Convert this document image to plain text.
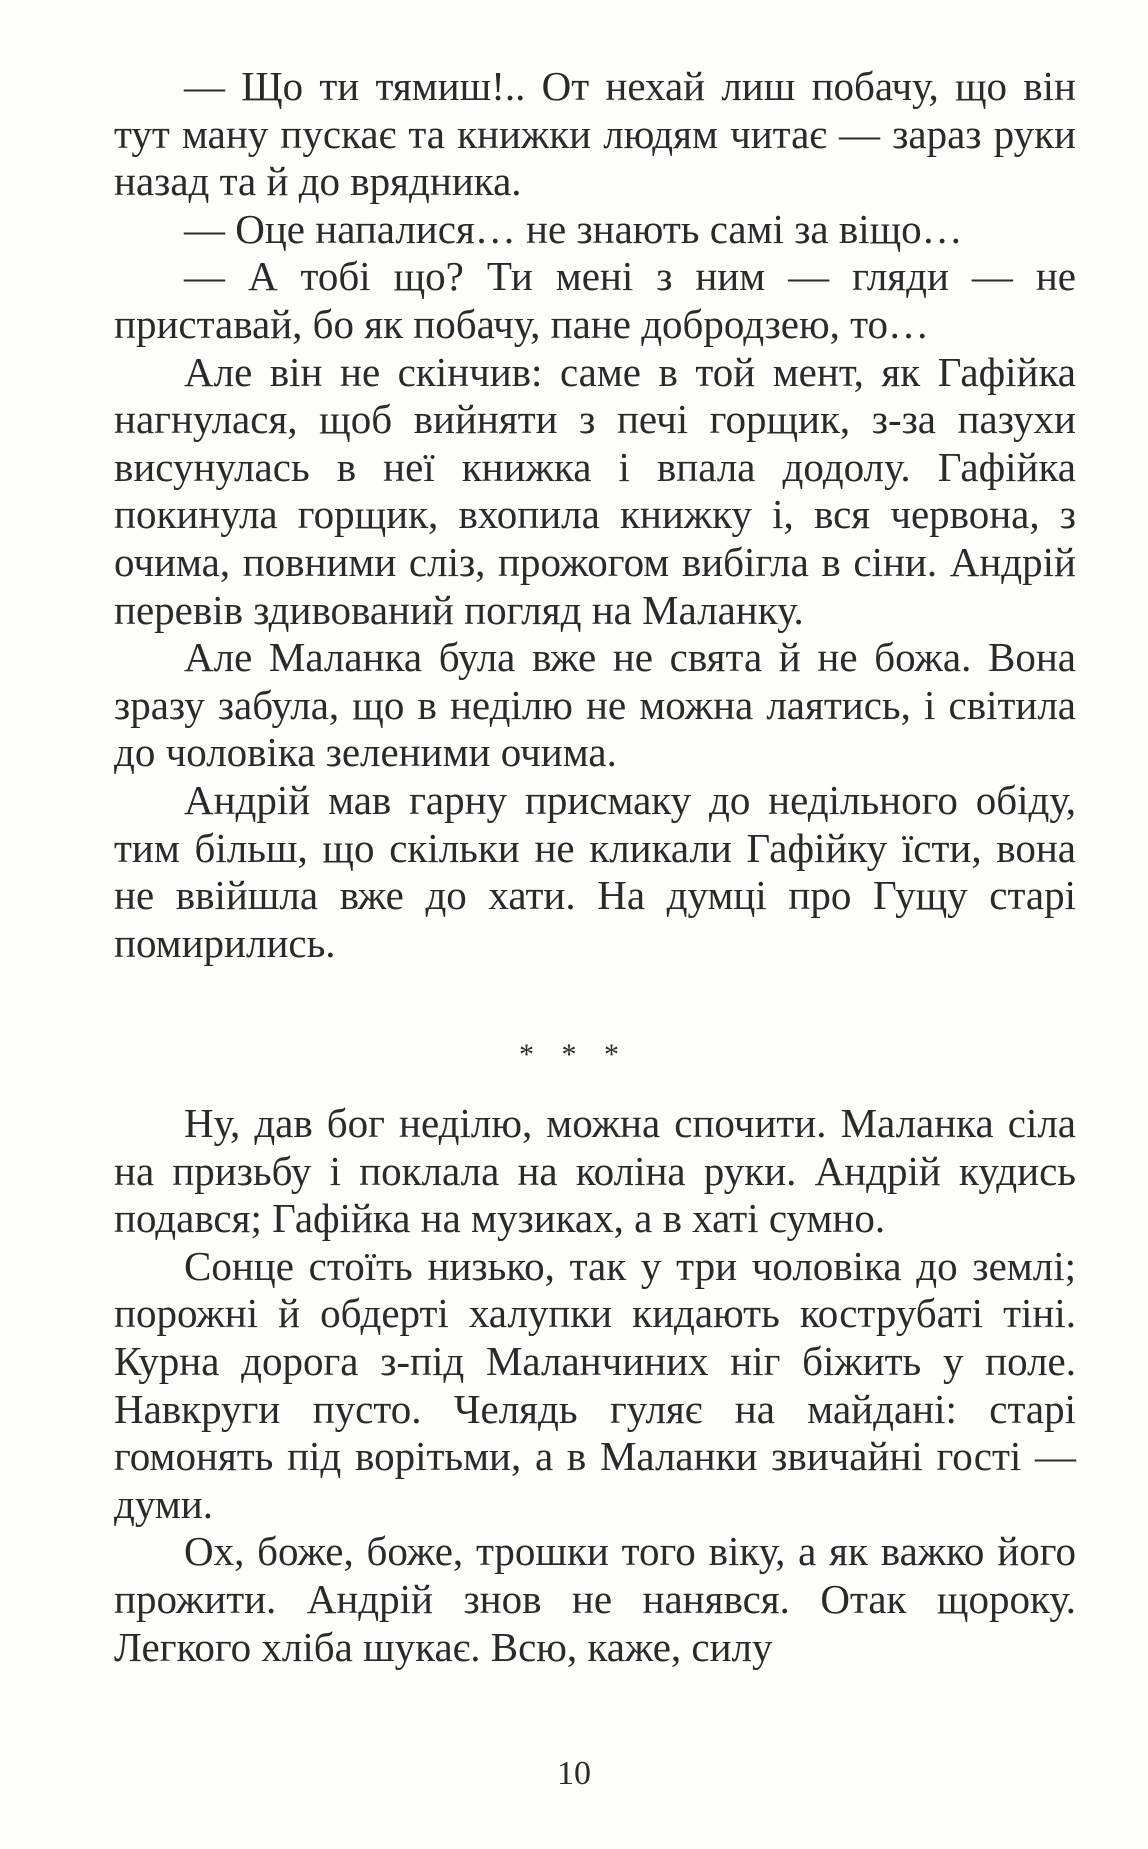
— Що ти тямиш!.. От нехай лиш побачу, що він тут ману пускає та книжки людям читає — зараз руки назад та й до врядника.

— Оце напалися… не знають самі за віщо…

— А тобі що? Ти мені з ним — гляди — не приставай, бо як побачу, пане добродзею, то…

Але він не скінчив: саме в той мент, як Гафійка нагнулася, щоб вийняти з печі горщик, з-за пазухи висунулась в неї книжка і впала додолу. Гафійка покинула горщик, вхопила книжку і, вся червона, з очима, повними сліз, прожогом вибігла в сіни. Андрій перевів здивований погляд на Маланку.

Але Маланка була вже не свята й не божа. Вона зразу забула, що в неділю не можна лаятись, і світила до чоловіка зеленими очима.

Андрій мав гарну присмаку до недільного обіду, тим більш, що скільки не кликали Гафійку їсти, вона не ввійшла вже до хати. На думці про Гущу старі помирились.

* * *

Ну, дав бог неділю, можна спочити. Маланка сіла на призьбу і поклала на коліна руки. Андрій кудись подався; Гафійка на музиках, а в хаті сумно.

Сонце стоїть низько, так у три чоловіка до землі; порожні й обдерті халупки кидають кострубаті тіні. Курна дорога з-під Маланчиних ніг біжить у поле. Навкруги пусто. Челядь гуляє на майдані: старі гомонять під ворітьми, а в Маланки звичайні гості — думи.

Ох, боже, боже, трошки того віку, а як важко його прожити. Андрій знов не нанявся. Отак щороку. Легкого хліба шукає. Всю, каже, силу

10
